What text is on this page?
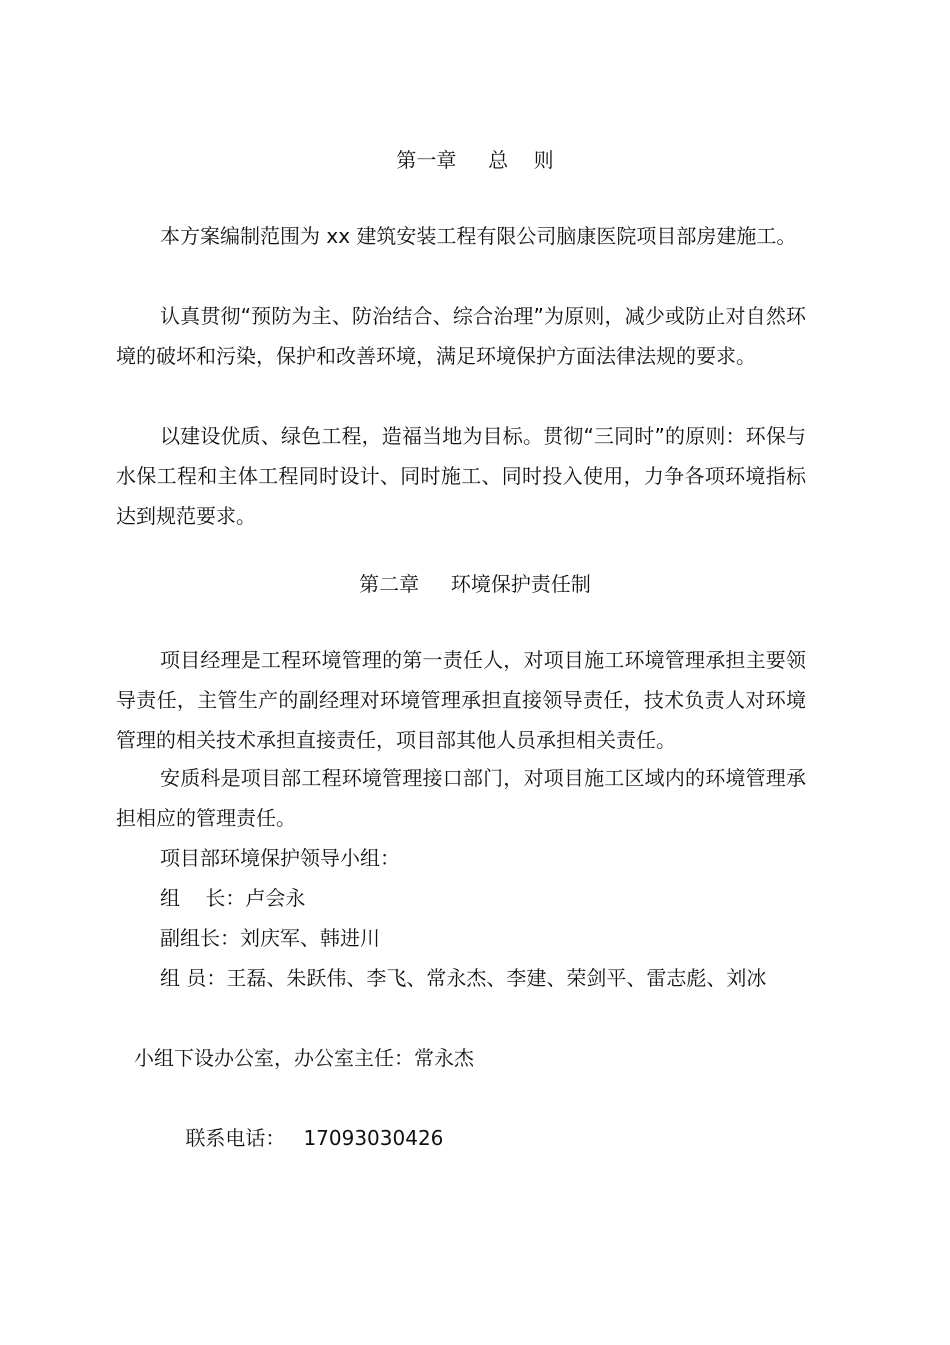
第一章     总    则
本方案编制范围为 xx 建筑安装工程有限公司脑康医院项目部房建施工。
认真贯彻“预防为主、防治结合、综合治理”为原则，减少或防止对自然环境的破坏和污染，保护和改善环境，满足环境保护方面法律法规的要求。
以建设优质、绿色工程，造福当地为目标。贯彻“三同时”的原则：环保与水保工程和主体工程同时设计、同时施工、同时投入使用，力争各项环境指标达到规范要求。
第二章     环境保护责任制
项目经理是工程环境管理的第一责任人，对项目施工环境管理承担主要领导责任，主管生产的副经理对环境管理承担直接领导责任，技术负责人对环境管理的相关技术承担直接责任，项目部其他人员承担相关责任。
安质科是项目部工程环境管理接口部门，对项目施工区域内的环境管理承担相应的管理责任。
项目部环境保护领导小组：
组    长：卢会永
副组长：刘庆军、韩进川
组 员：王磊、朱跃伟、李飞、常永杰、李建、荣剑平、雷志彪、刘冰
小组下设办公室，办公室主任：常永杰

联系电话： 17093030426
